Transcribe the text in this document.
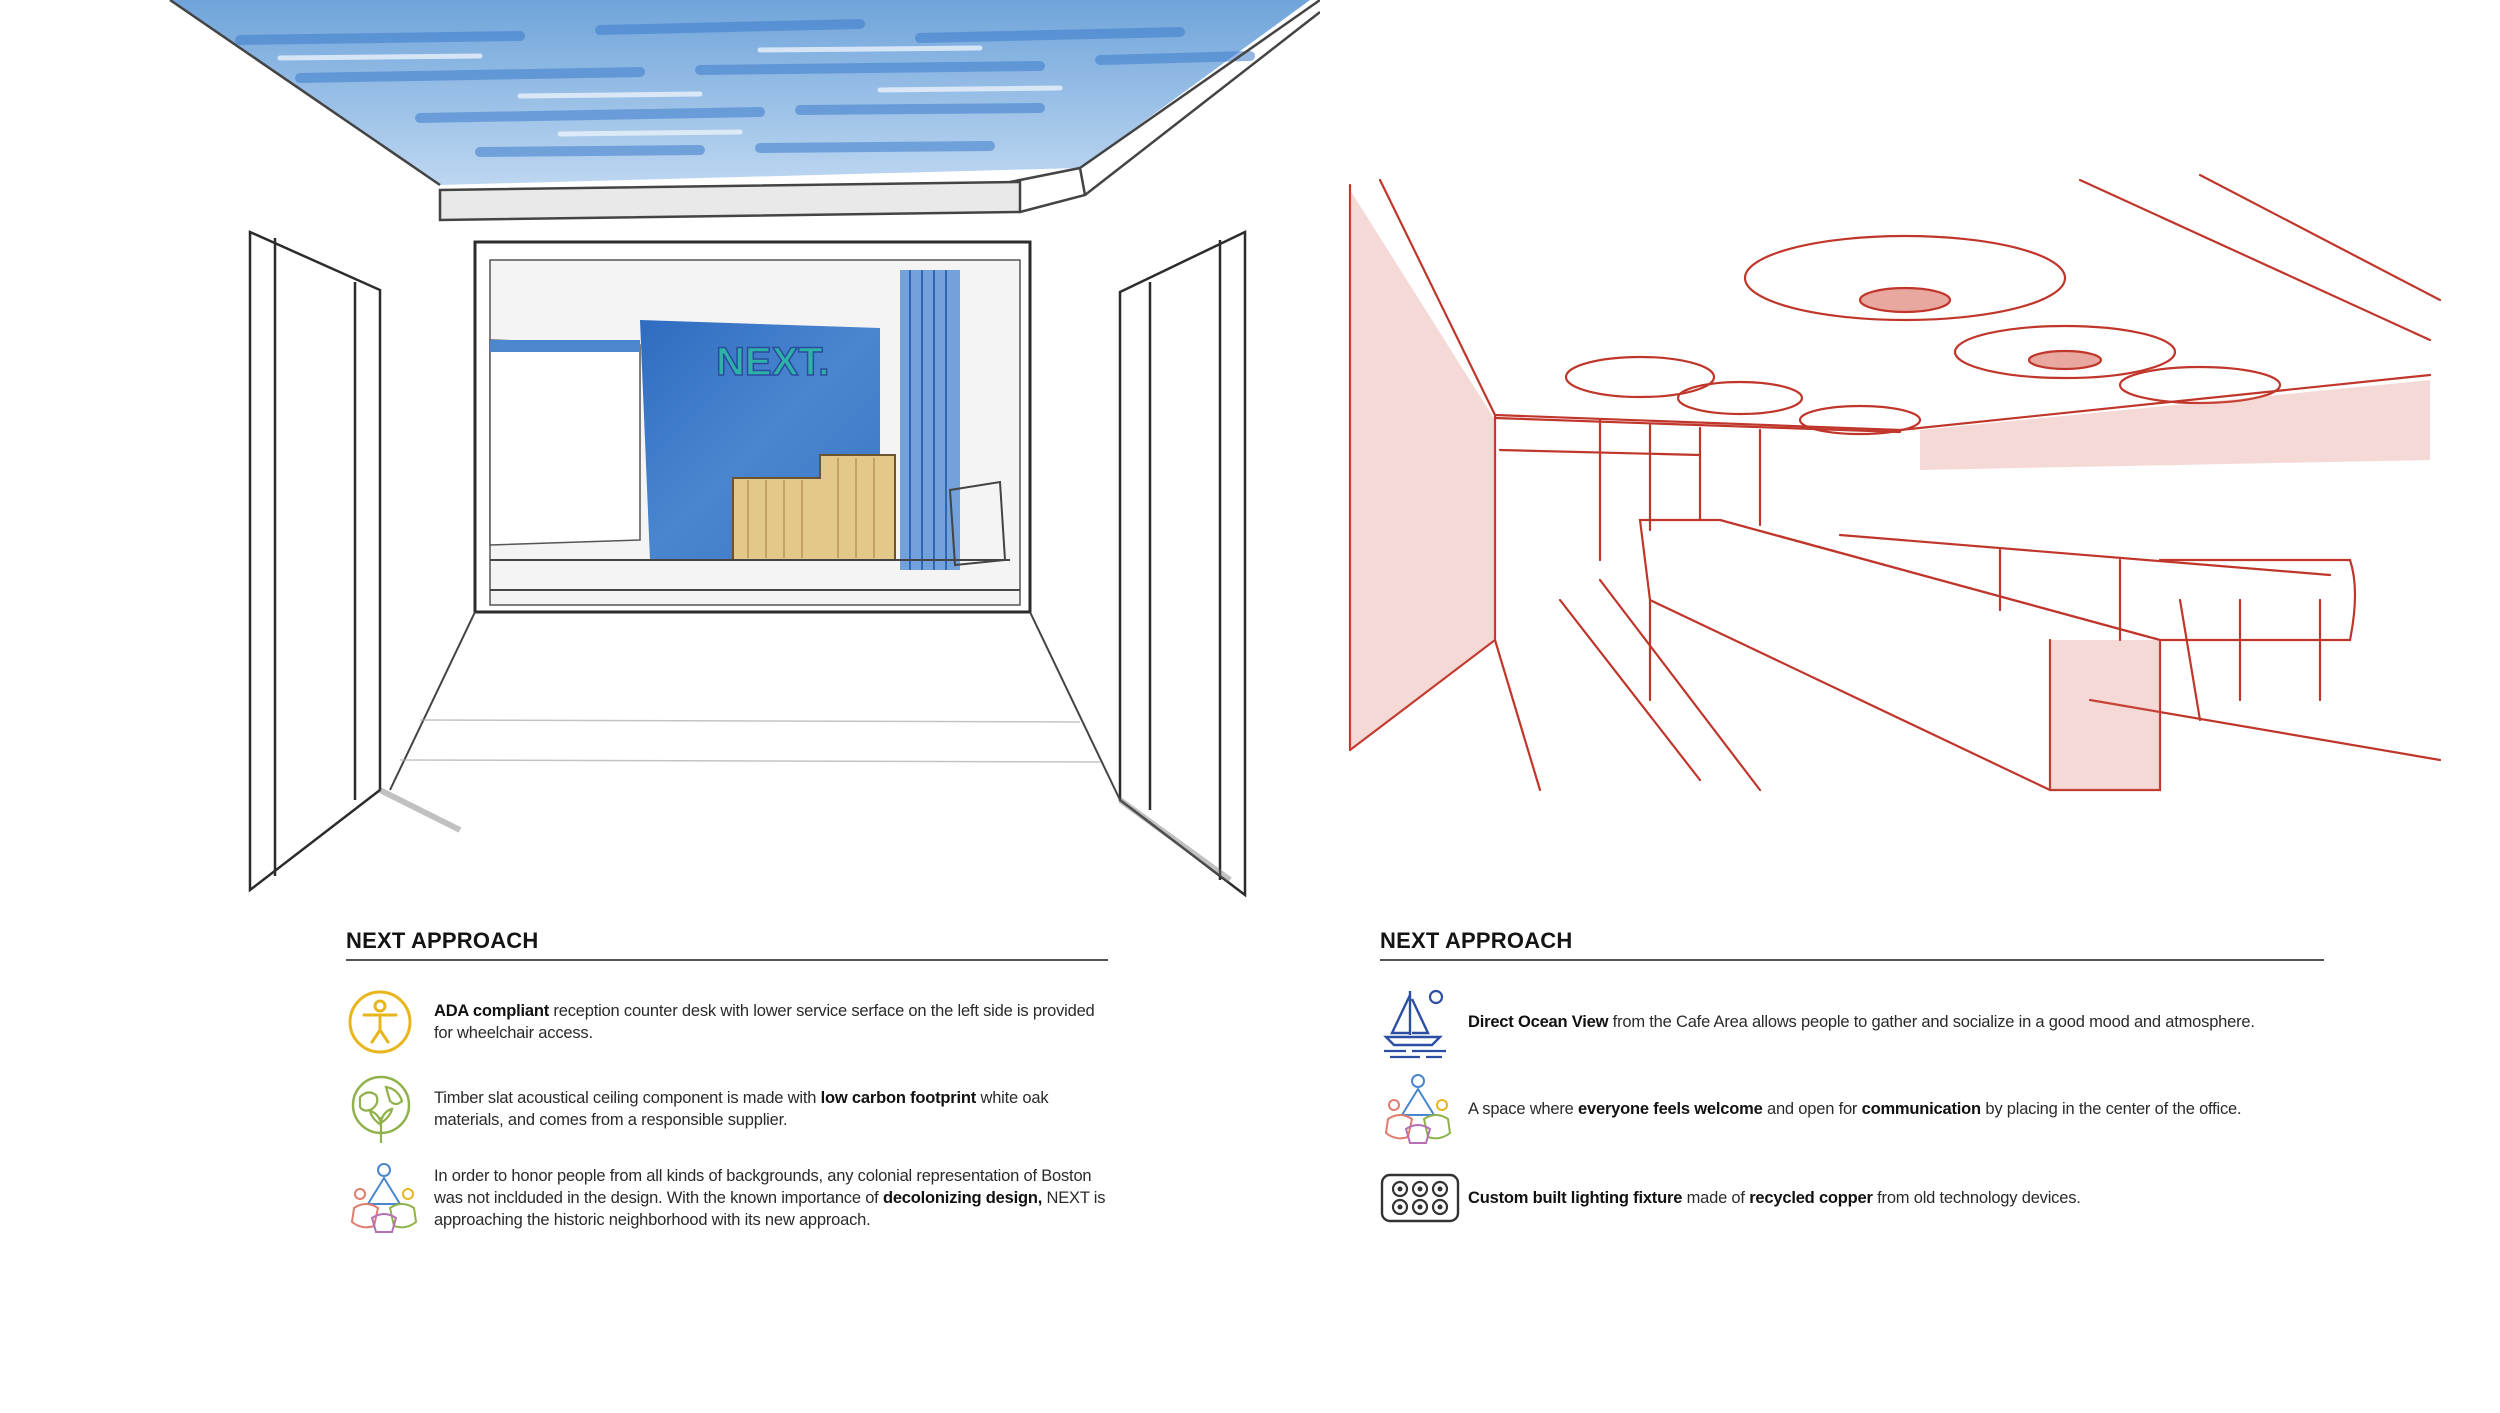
NEXT.
NEXT APPROACH

ADA compliant reception counter desk with lower service serface on the left side is provided for wheelchair access.

Timber slat acoustical ceiling component is made with low carbon footprint white oak materials, and comes from a responsible supplier.

In order to honor people from all kinds of backgrounds, any colonial representation of Boston was not inclduded in the design. With the known importance of decolonizing design, NEXT is approaching the historic neighborhood with its new approach.

NEXT APPROACH

Direct Ocean View from the Cafe Area allows people to gather and socialize in a good mood and atmosphere.

A space where everyone feels welcome and open for communication by placing in the center of the office.

Custom built lighting fixture made of recycled copper from old technology devices.
